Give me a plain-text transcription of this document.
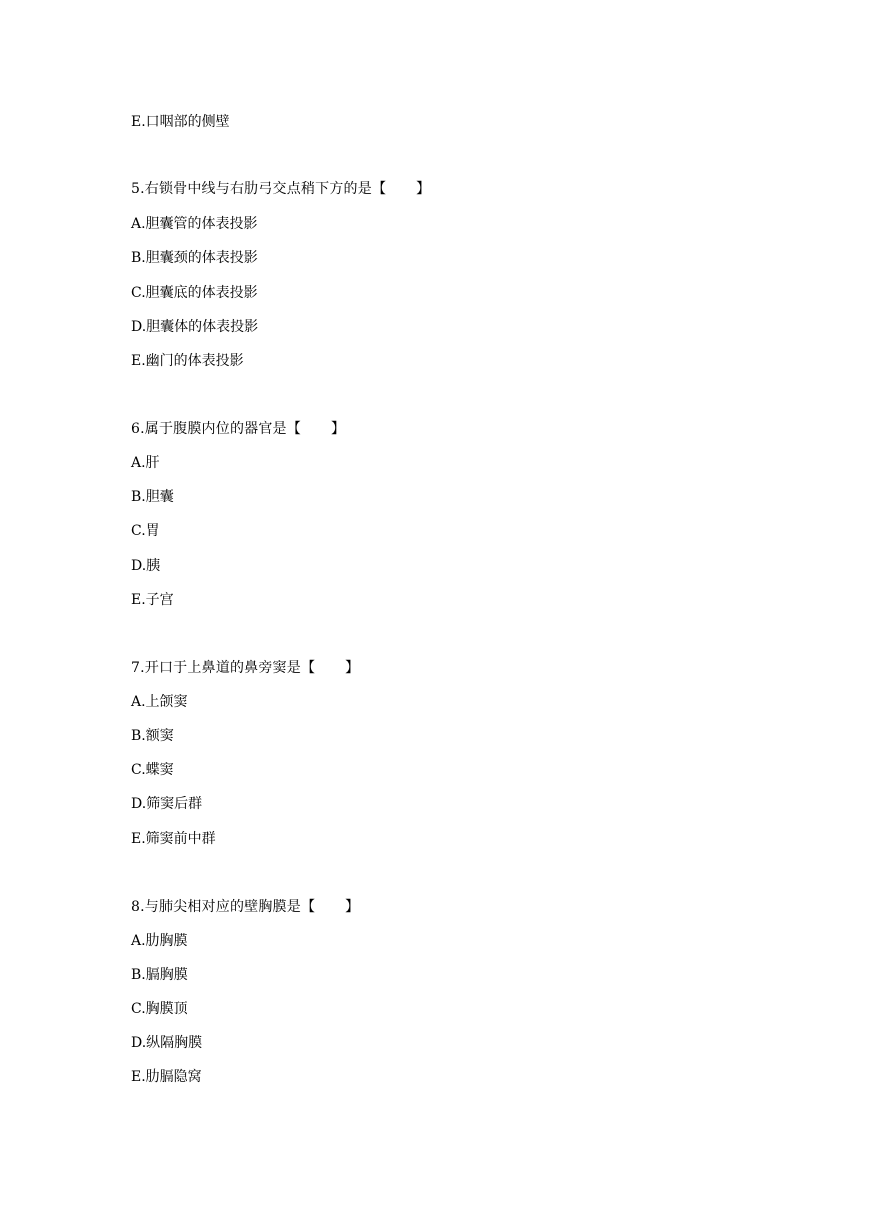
E.口咽部的侧壁
5.右锁骨中线与右肋弓交点稍下方的是【 】
A.胆囊管的体表投影
B.胆囊颈的体表投影
C.胆囊底的体表投影
D.胆囊体的体表投影
E.幽门的体表投影
6.属于腹膜内位的器官是【 】
A.肝
B.胆囊
C.胃
D.胰
E.子宫
7.开口于上鼻道的鼻旁窦是【 】
A.上颌窦
B.额窦
C.蝶窦
D.筛窦后群
E.筛窦前中群
8.与肺尖相对应的壁胸膜是【 】
A.肋胸膜
B.膈胸膜
C.胸膜顶
D.纵隔胸膜
E.肋膈隐窝
